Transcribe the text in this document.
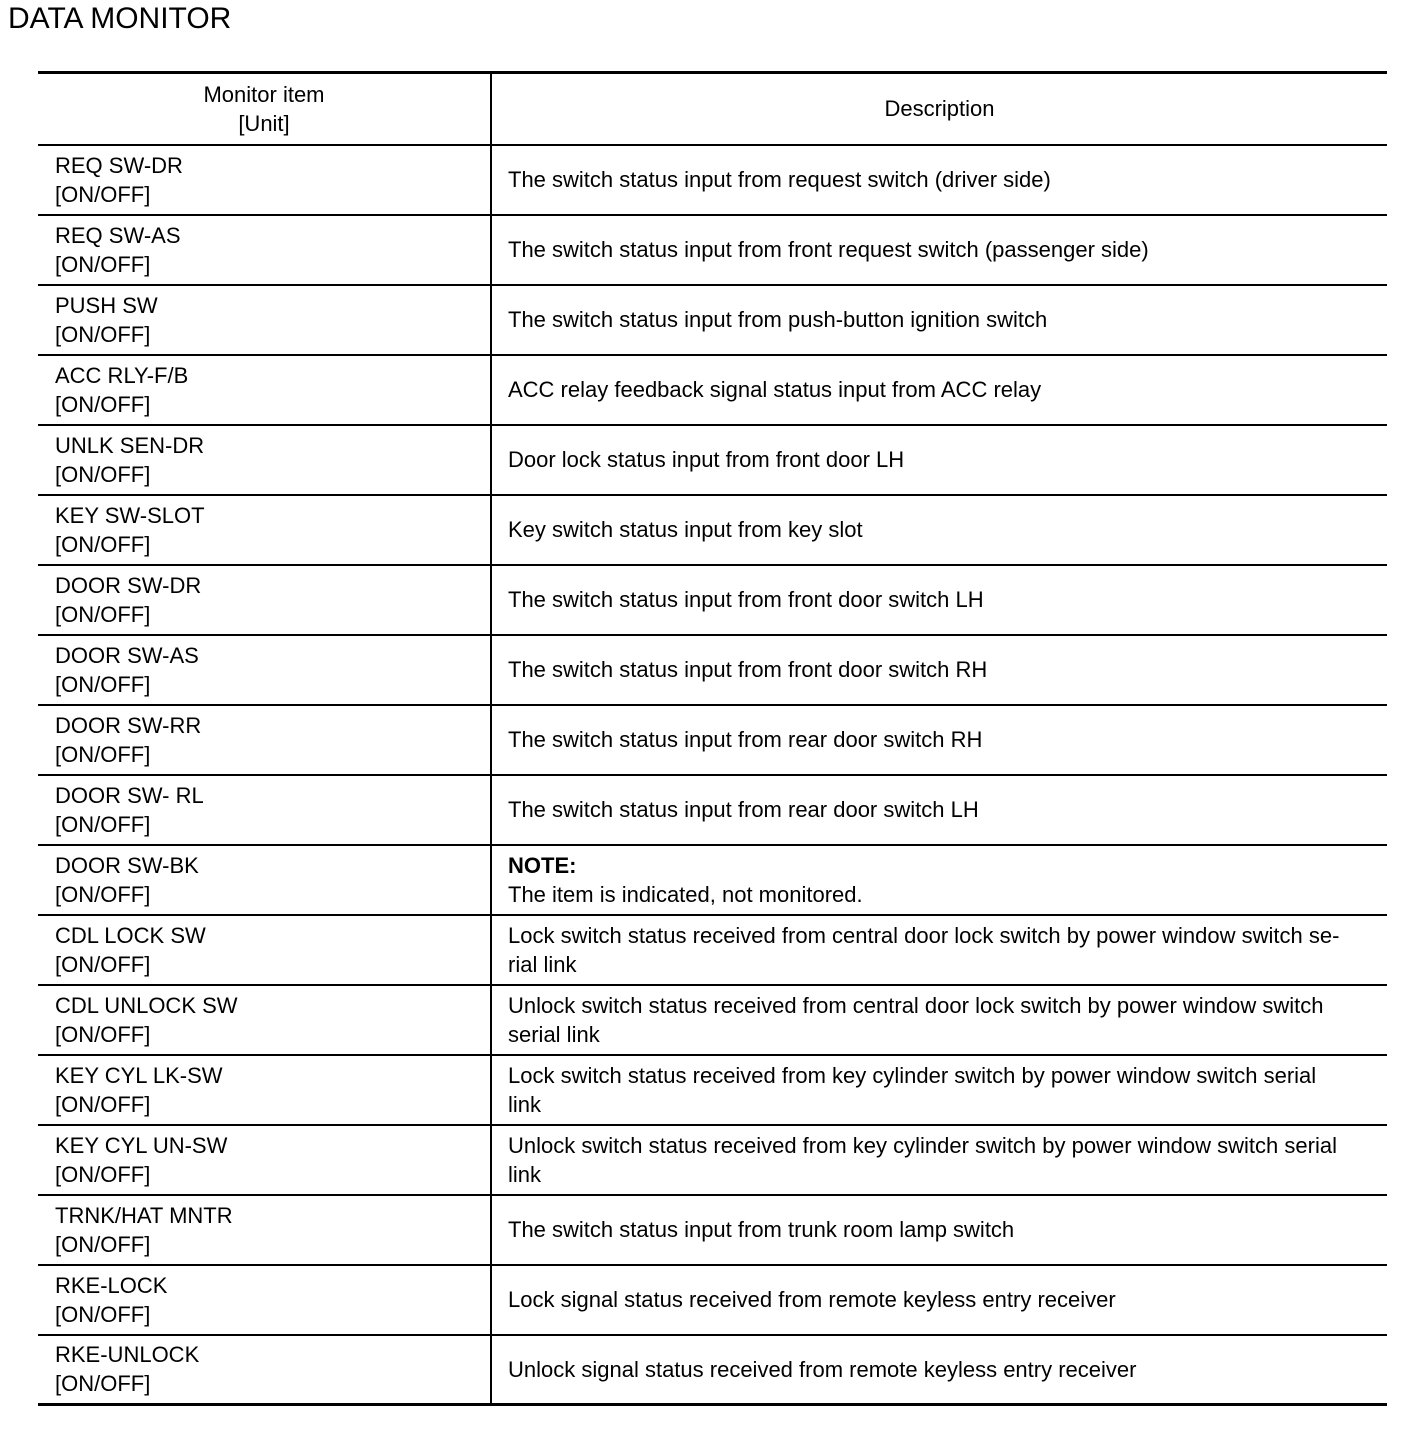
DATA MONITOR
Monitor item
[Unit]	Description

REQ SW-DR
[ON/OFF]	The switch status input from request switch (driver side)

REQ SW-AS
[ON/OFF]	The switch status input from front request switch (passenger side)

PUSH SW
[ON/OFF]	The switch status input from push-button ignition switch

ACC RLY-F/B
[ON/OFF]	ACC relay feedback signal status input from ACC relay

UNLK SEN-DR
[ON/OFF]	Door lock status input from front door LH

KEY SW-SLOT
[ON/OFF]	Key switch status input from key slot

DOOR SW-DR
[ON/OFF]	The switch status input from front door switch LH

DOOR SW-AS
[ON/OFF]	The switch status input from front door switch RH

DOOR SW-RR
[ON/OFF]	The switch status input from rear door switch RH

DOOR SW- RL
[ON/OFF]	The switch status input from rear door switch LH

DOOR SW-BK
[ON/OFF]	NOTE:
The item is indicated, not monitored.

CDL LOCK SW
[ON/OFF]	Lock switch status received from central door lock switch by power window switch se-
rial link

CDL UNLOCK SW
[ON/OFF]	Unlock switch status received from central door lock switch by power window switch
serial link

KEY CYL LK-SW
[ON/OFF]	Lock switch status received from key cylinder switch by power window switch serial
link

KEY CYL UN-SW
[ON/OFF]	Unlock switch status received from key cylinder switch by power window switch serial
link

TRNK/HAT MNTR
[ON/OFF]	The switch status input from trunk room lamp switch

RKE-LOCK
[ON/OFF]	Lock signal status received from remote keyless entry receiver

RKE-UNLOCK
[ON/OFF]	Unlock signal status received from remote keyless entry receiver
